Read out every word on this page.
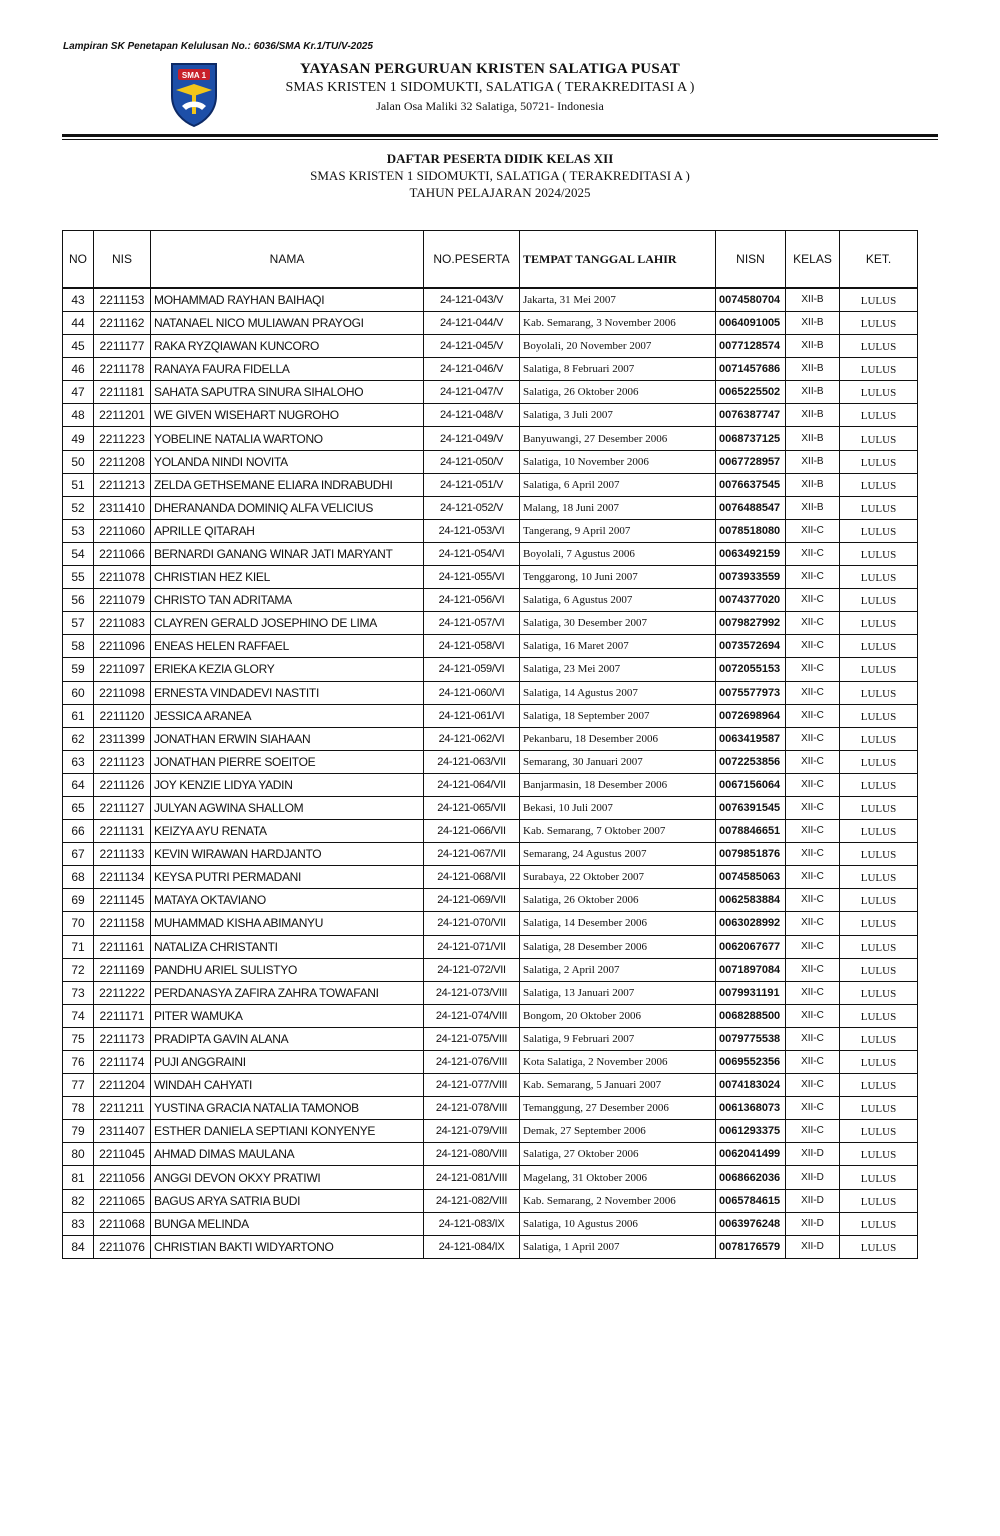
Lampiran SK Penetapan Kelulusan No.: 6036/SMA Kr.1/TU/V-2025
SMA 1	YAYASAN PERGURUAN KRISTEN SALATIGA PUSAT
SMAS KRISTEN 1 SIDOMUKTI, SALATIGA ( TERAKREDITASI A )
Jalan Osa Maliki 32 Salatiga, 50721- Indonesia
DAFTAR PESERTA DIDIK KELAS XII
SMAS KRISTEN 1 SIDOMUKTI, SALATIGA ( TERAKREDITASI A )
TAHUN PELAJARAN 2024/2025
NO	NIS	NAMA	NO.PESERTA	TEMPAT TANGGAL LAHIR	NISN	KELAS	KET.
43	2211153	MOHAMMAD RAYHAN BAIHAQI	24-121-043/V	Jakarta, 31 Mei 2007	0074580704	XII-B	LULUS
44	2211162	NATANAEL NICO MULIAWAN PRAYOGI	24-121-044/V	Kab. Semarang, 3 November 2006	0064091005	XII-B	LULUS
45	2211177	RAKA RYZQIAWAN KUNCORO	24-121-045/V	Boyolali, 20 November 2007	0077128574	XII-B	LULUS
46	2211178	RANAYA FAURA FIDELLA	24-121-046/V	Salatiga, 8 Februari 2007	0071457686	XII-B	LULUS
47	2211181	SAHATA SAPUTRA SINURA SIHALOHO	24-121-047/V	Salatiga, 26 Oktober 2006	0065225502	XII-B	LULUS
48	2211201	WE GIVEN WISEHART NUGROHO	24-121-048/V	Salatiga, 3 Juli 2007	0076387747	XII-B	LULUS
49	2211223	YOBELINE NATALIA WARTONO	24-121-049/V	Banyuwangi, 27 Desember 2006	0068737125	XII-B	LULUS
50	2211208	YOLANDA NINDI NOVITA	24-121-050/V	Salatiga, 10 November 2006	0067728957	XII-B	LULUS
51	2211213	ZELDA GETHSEMANE ELIARA INDRABUDHI	24-121-051/V	Salatiga, 6 April 2007	0076637545	XII-B	LULUS
52	2311410	DHERANANDA DOMINIQ ALFA VELICIUS	24-121-052/V	Malang, 18 Juni 2007	0076488547	XII-B	LULUS
53	2211060	APRILLE QITARAH	24-121-053/VI	Tangerang, 9 April 2007	0078518080	XII-C	LULUS
54	2211066	BERNARDI GANANG WINAR JATI MARYANT	24-121-054/VI	Boyolali, 7 Agustus 2006	0063492159	XII-C	LULUS
55	2211078	CHRISTIAN HEZ KIEL	24-121-055/VI	Tenggarong, 10 Juni 2007	0073933559	XII-C	LULUS
56	2211079	CHRISTO TAN ADRITAMA	24-121-056/VI	Salatiga, 6 Agustus 2007	0074377020	XII-C	LULUS
57	2211083	CLAYREN GERALD JOSEPHINO DE LIMA	24-121-057/VI	Salatiga, 30 Desember 2007	0079827992	XII-C	LULUS
58	2211096	ENEAS HELEN RAFFAEL	24-121-058/VI	Salatiga, 16 Maret 2007	0073572694	XII-C	LULUS
59	2211097	ERIEKA KEZIA GLORY	24-121-059/VI	Salatiga, 23 Mei 2007	0072055153	XII-C	LULUS
60	2211098	ERNESTA VINDADEVI NASTITI	24-121-060/VI	Salatiga, 14 Agustus 2007	0075577973	XII-C	LULUS
61	2211120	JESSICA ARANEA	24-121-061/VI	Salatiga, 18 September 2007	0072698964	XII-C	LULUS
62	2311399	JONATHAN ERWIN SIAHAAN	24-121-062/VI	Pekanbaru, 18 Desember 2006	0063419587	XII-C	LULUS
63	2211123	JONATHAN PIERRE SOEITOE	24-121-063/VII	Semarang, 30 Januari 2007	0072253856	XII-C	LULUS
64	2211126	JOY KENZIE LIDYA YADIN	24-121-064/VII	Banjarmasin, 18 Desember 2006	0067156064	XII-C	LULUS
65	2211127	JULYAN AGWINA SHALLOM	24-121-065/VII	Bekasi, 10 Juli 2007	0076391545	XII-C	LULUS
66	2211131	KEIZYA AYU RENATA	24-121-066/VII	Kab. Semarang, 7 Oktober 2007	0078846651	XII-C	LULUS
67	2211133	KEVIN WIRAWAN HARDJANTO	24-121-067/VII	Semarang, 24 Agustus 2007	0079851876	XII-C	LULUS
68	2211134	KEYSA PUTRI PERMADANI	24-121-068/VII	Surabaya, 22 Oktober 2007	0074585063	XII-C	LULUS
69	2211145	MATAYA OKTAVIANO	24-121-069/VII	Salatiga, 26 Oktober 2006	0062583884	XII-C	LULUS
70	2211158	MUHAMMAD KISHA ABIMANYU	24-121-070/VII	Salatiga, 14 Desember 2006	0063028992	XII-C	LULUS
71	2211161	NATALIZA CHRISTANTI	24-121-071/VII	Salatiga, 28 Desember 2006	0062067677	XII-C	LULUS
72	2211169	PANDHU ARIEL SULISTYO	24-121-072/VII	Salatiga, 2 April 2007	0071897084	XII-C	LULUS
73	2211222	PERDANASYA ZAFIRA ZAHRA TOWAFANI	24-121-073/VIII	Salatiga, 13 Januari 2007	0079931191	XII-C	LULUS
74	2211171	PITER WAMUKA	24-121-074/VIII	Bongom, 20 Oktober 2006	0068288500	XII-C	LULUS
75	2211173	PRADIPTA GAVIN ALANA	24-121-075/VIII	Salatiga, 9 Februari 2007	0079775538	XII-C	LULUS
76	2211174	PUJI ANGGRAINI	24-121-076/VIII	Kota Salatiga, 2 November 2006	0069552356	XII-C	LULUS
77	2211204	WINDAH CAHYATI	24-121-077/VIII	Kab. Semarang, 5 Januari 2007	0074183024	XII-C	LULUS
78	2211211	YUSTINA GRACIA NATALIA TAMONOB	24-121-078/VIII	Temanggung, 27 Desember 2006	0061368073	XII-C	LULUS
79	2311407	ESTHER DANIELA SEPTIANI KONYENYE	24-121-079/VIII	Demak, 27 September 2006	0061293375	XII-C	LULUS
80	2211045	AHMAD DIMAS MAULANA	24-121-080/VIII	Salatiga, 27 Oktober 2006	0062041499	XII-D	LULUS
81	2211056	ANGGI DEVON OKXY PRATIWI	24-121-081/VIII	Magelang, 31 Oktober 2006	0068662036	XII-D	LULUS
82	2211065	BAGUS ARYA SATRIA BUDI	24-121-082/VIII	Kab. Semarang, 2 November 2006	0065784615	XII-D	LULUS
83	2211068	BUNGA MELINDA	24-121-083/IX	Salatiga, 10 Agustus 2006	0063976248	XII-D	LULUS
84	2211076	CHRISTIAN BAKTI WIDYARTONO	24-121-084/IX	Salatiga, 1 April 2007	0078176579	XII-D	LULUS
